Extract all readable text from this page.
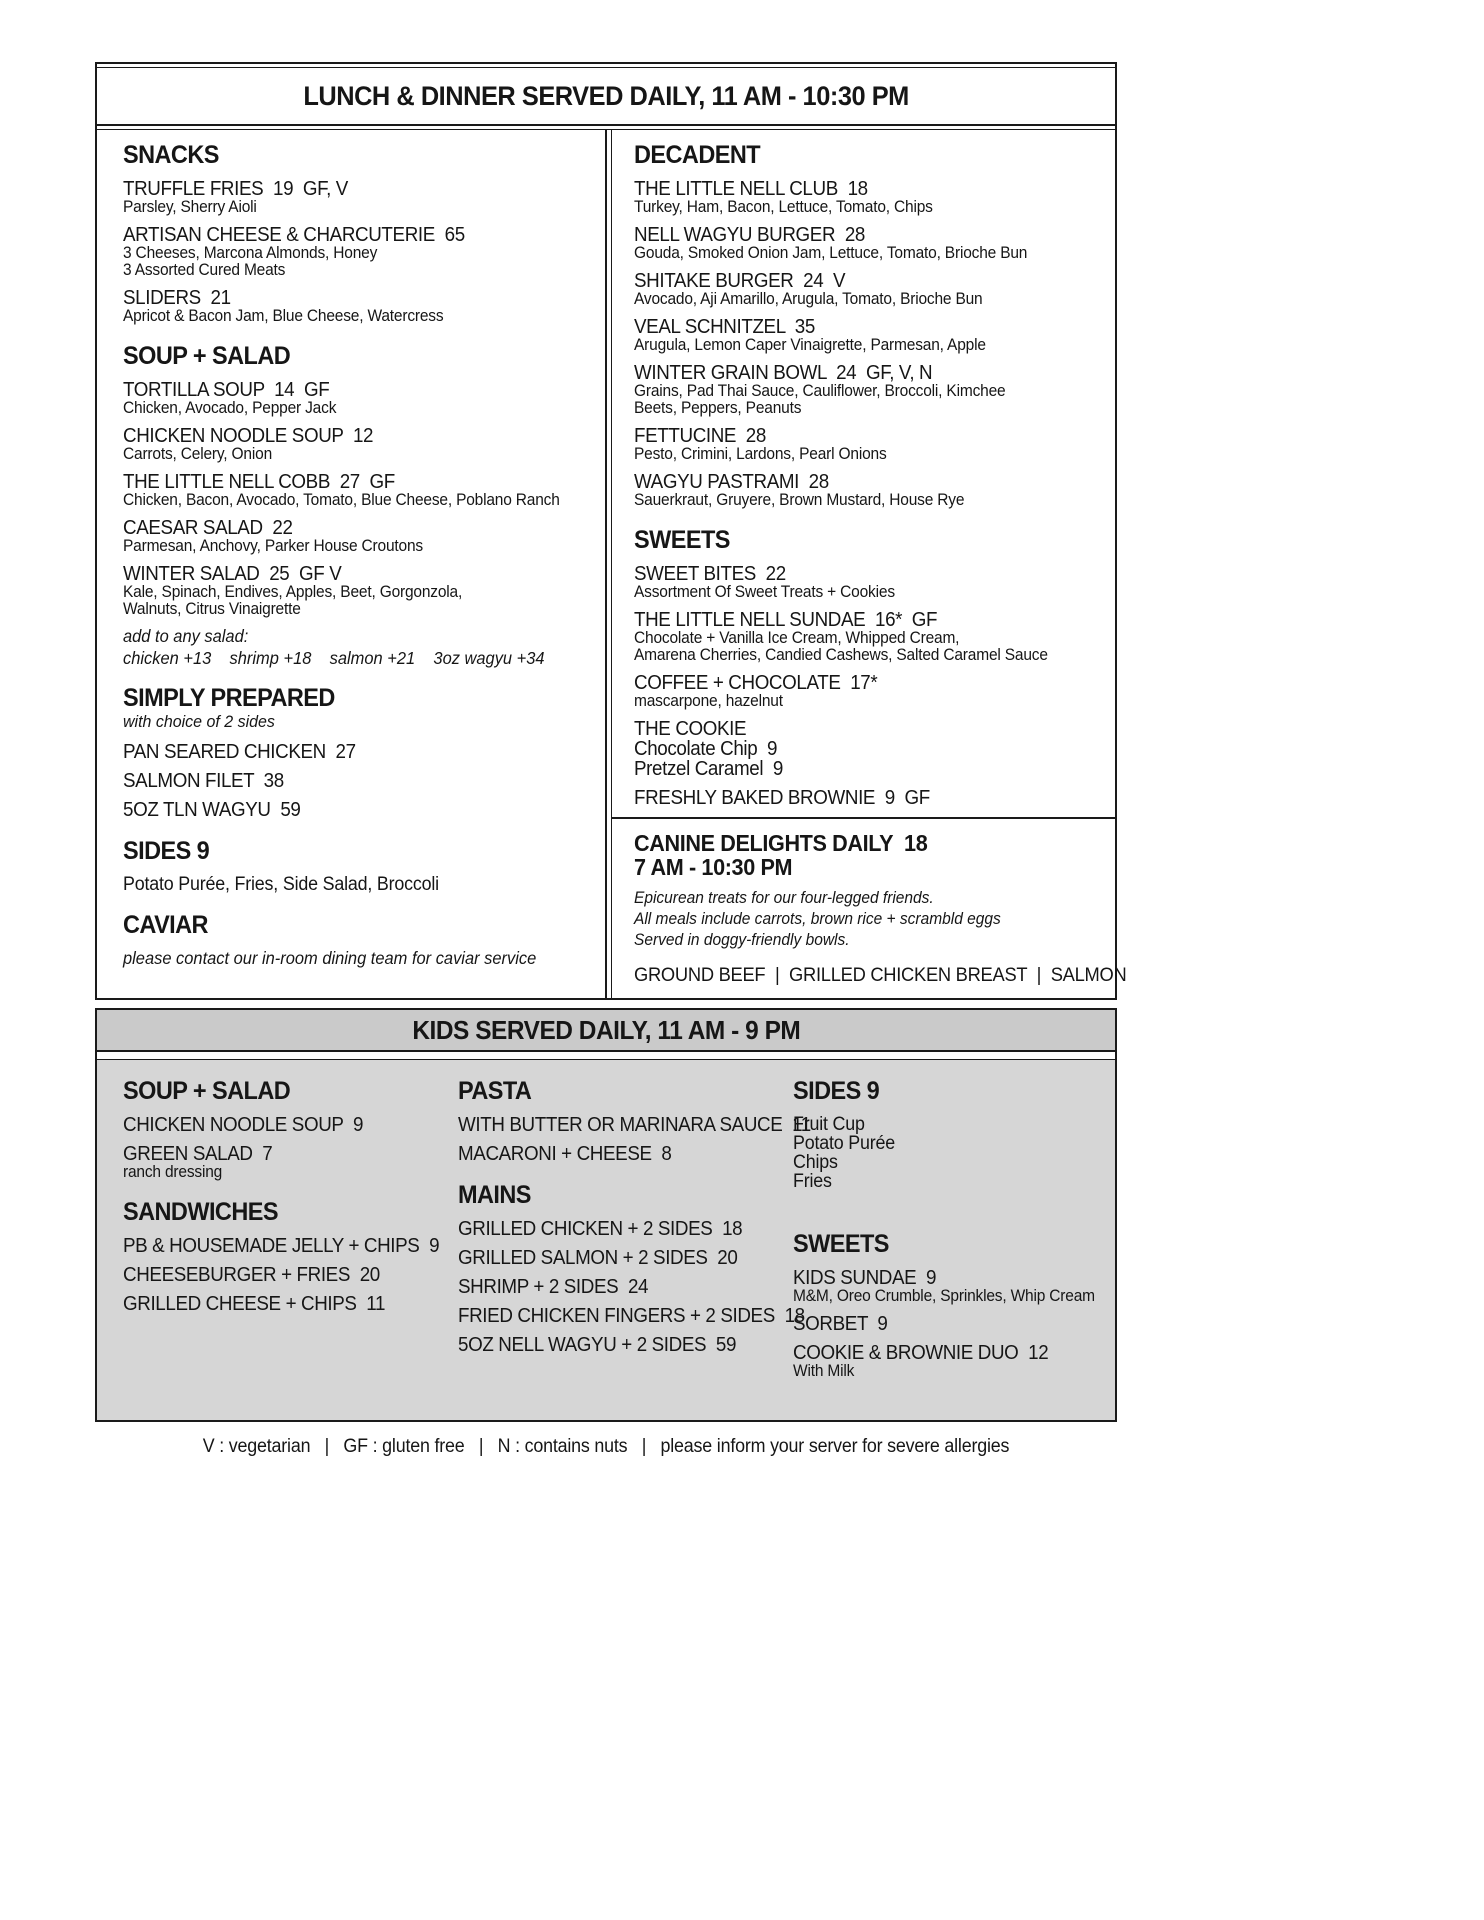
LUNCH & DINNER SERVED DAILY, 11 AM - 10:30 PM
SNACKS
TRUFFLE FRIES  19  GF, V
Parsley, Sherry Aioli
ARTISAN CHEESE & CHARCUTERIE  65
3 Cheeses, Marcona Almonds, Honey
3 Assorted Cured Meats
SLIDERS  21
Apricot & Bacon Jam, Blue Cheese, Watercress
SOUP + SALAD
TORTILLA SOUP  14  GF
Chicken, Avocado, Pepper Jack
CHICKEN NOODLE SOUP  12
Carrots, Celery, Onion
THE LITTLE NELL COBB  27  GF
Chicken, Bacon, Avocado, Tomato, Blue Cheese, Poblano Ranch
CAESAR SALAD  22
Parmesan, Anchovy, Parker House Croutons
WINTER SALAD  25  GF V
Kale, Spinach, Endives, Apples, Beet, Gorgonzola,
Walnuts, Citrus Vinaigrette
add to any salad:
chicken +13    shrimp +18    salmon +21    3oz wagyu +34
SIMPLY PREPARED
with choice of 2 sides
PAN SEARED CHICKEN  27
SALMON FILET  38
5OZ TLN WAGYU  59
SIDES 9
Potato Purée, Fries, Side Salad, Broccoli
CAVIAR
please contact our in-room dining team for caviar service
DECADENT
THE LITTLE NELL CLUB  18
Turkey, Ham, Bacon, Lettuce, Tomato, Chips
NELL WAGYU BURGER  28
Gouda, Smoked Onion Jam, Lettuce, Tomato, Brioche Bun
SHITAKE BURGER  24  V
Avocado, Aji Amarillo, Arugula, Tomato, Brioche Bun
VEAL SCHNITZEL  35
Arugula, Lemon Caper Vinaigrette, Parmesan, Apple
WINTER GRAIN BOWL  24  GF, V, N
Grains, Pad Thai Sauce, Cauliflower, Broccoli, Kimchee
Beets, Peppers, Peanuts
FETTUCINE  28
Pesto, Crimini, Lardons, Pearl Onions
WAGYU PASTRAMI  28
Sauerkraut, Gruyere, Brown Mustard, House Rye
SWEETS
SWEET BITES  22
Assortment Of Sweet Treats + Cookies
THE LITTLE NELL SUNDAE  16*  GF
Chocolate + Vanilla Ice Cream, Whipped Cream,
Amarena Cherries, Candied Cashews, Salted Caramel Sauce
COFFEE + CHOCOLATE  17*
mascarpone, hazelnut
THE COOKIE
Chocolate Chip  9
Pretzel Caramel  9
FRESHLY BAKED BROWNIE  9  GF
CANINE DELIGHTS DAILY  18
7 AM - 10:30 PM
Epicurean treats for our four-legged friends.
All meals include carrots, brown rice + scrambld eggs
Served in doggy-friendly bowls.
GROUND BEEF  |  GRILLED CHICKEN BREAST  |  SALMON
KIDS SERVED DAILY, 11 AM - 9 PM
SOUP + SALAD
CHICKEN NOODLE SOUP  9
GREEN SALAD  7
ranch dressing
SANDWICHES
PB & HOUSEMADE JELLY + CHIPS  9
CHEESEBURGER + FRIES  20
GRILLED CHEESE + CHIPS  11
PASTA
WITH BUTTER OR MARINARA SAUCE  11
MACARONI + CHEESE  8
MAINS
GRILLED CHICKEN + 2 SIDES  18
GRILLED SALMON + 2 SIDES  20
SHRIMP + 2 SIDES  24
FRIED CHICKEN FINGERS + 2 SIDES  18
5OZ NELL WAGYU + 2 SIDES  59
SIDES 9
Fruit Cup
Potato Purée
Chips
Fries
SWEETS
KIDS SUNDAE  9
M&M, Oreo Crumble, Sprinkles, Whip Cream
SORBET  9
COOKIE & BROWNIE DUO  12
With Milk
V : vegetarian   |   GF : gluten free   |   N : contains nuts   |   please inform your server for severe allergies
